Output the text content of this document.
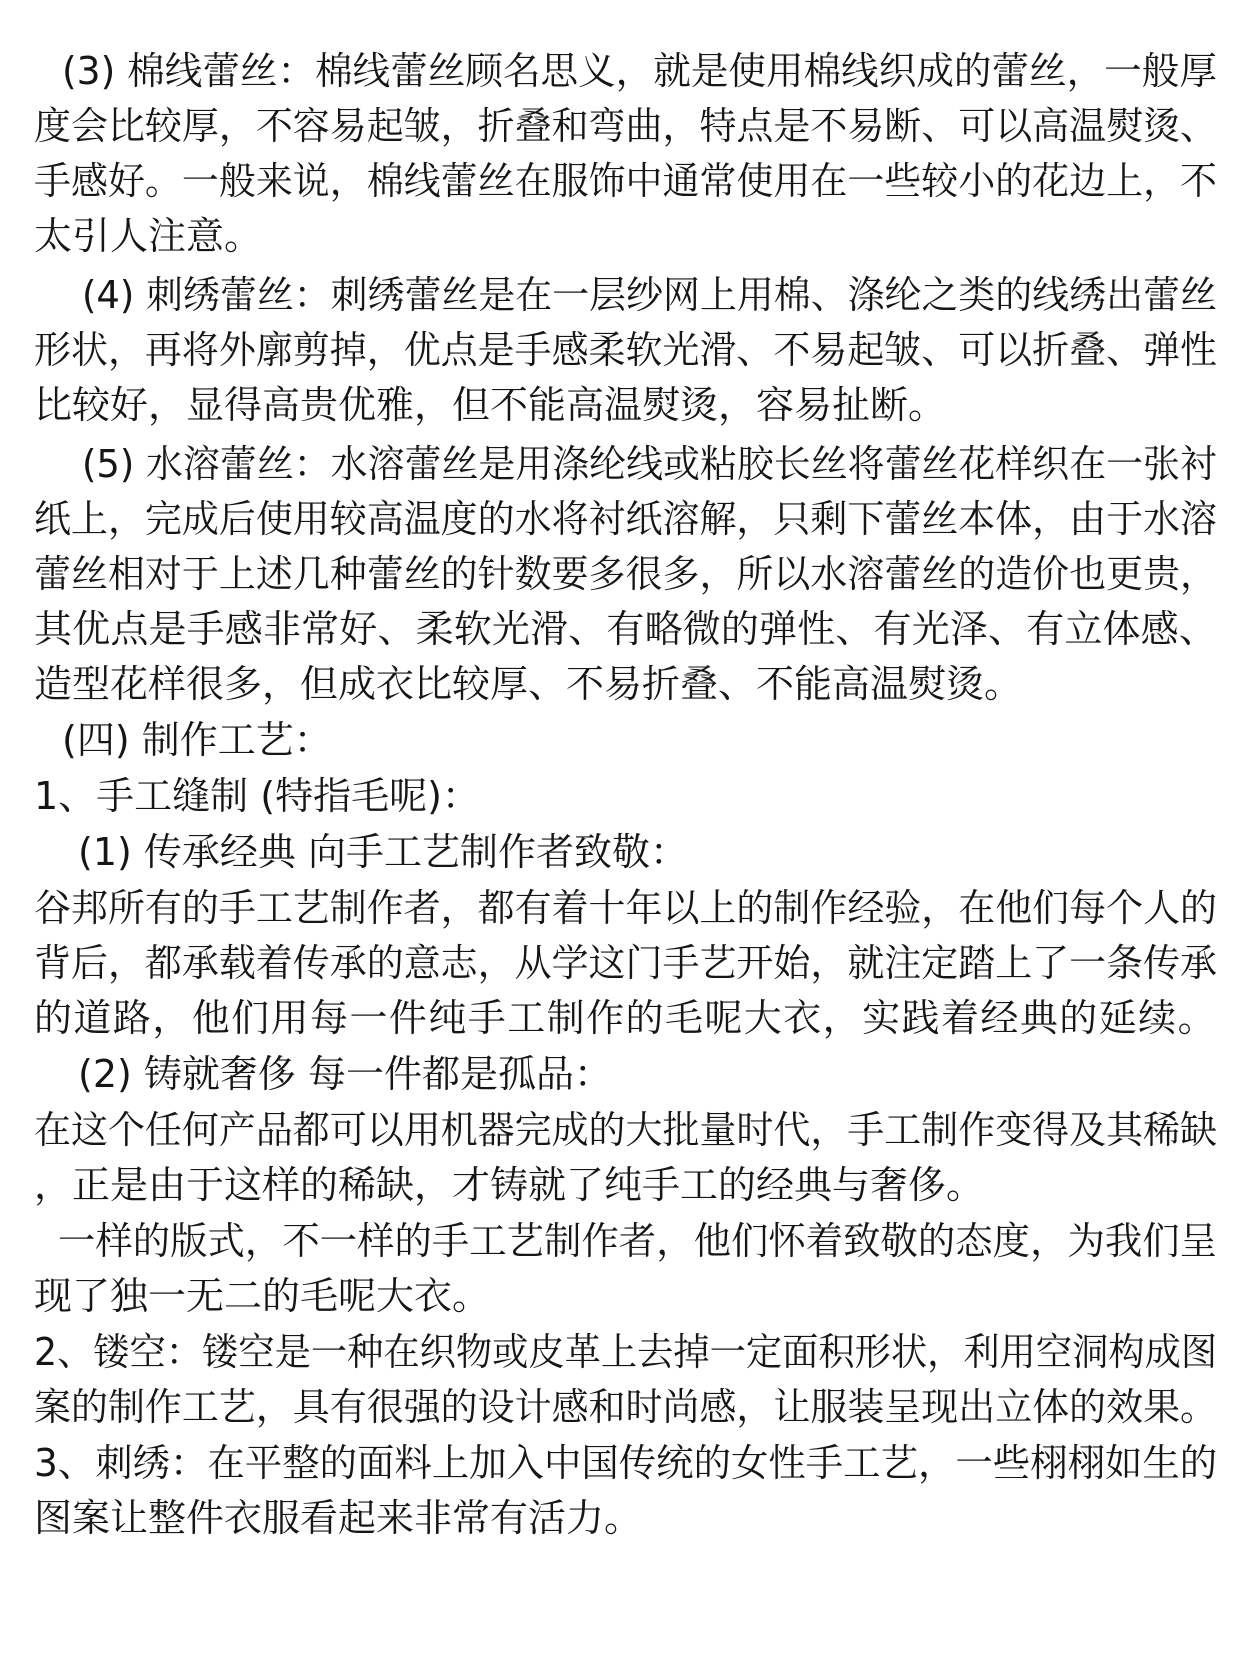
(3) 棉线蕾丝：棉线蕾丝顾名思义，就是使用棉线织成的蕾丝，一般厚
度会比较厚，不容易起皱，折叠和弯曲，特点是不易断、可以高温熨烫、
手感好。一般来说，棉线蕾丝在服饰中通常使用在一些较小的花边上，不
太引人注意。
(4) 刺绣蕾丝：刺绣蕾丝是在一层纱网上用棉、涤纶之类的线绣出蕾丝
形状，再将外廓剪掉，优点是手感柔软光滑、不易起皱、可以折叠、弹性
比较好，显得高贵优雅，但不能高温熨烫，容易扯断。
(5) 水溶蕾丝：水溶蕾丝是用涤纶线或粘胶长丝将蕾丝花样织在一张衬
纸上，完成后使用较高温度的水将衬纸溶解，只剩下蕾丝本体，由于水溶
蕾丝相对于上述几种蕾丝的针数要多很多，所以水溶蕾丝的造价也更贵，
其优点是手感非常好、柔软光滑、有略微的弹性、有光泽、有立体感、
造型花样很多，但成衣比较厚、不易折叠、不能高温熨烫。
(四) 制作工艺：
1、手工缝制 (特指毛呢)：
(1) 传承经典 向手工艺制作者致敬：
谷邦所有的手工艺制作者，都有着十年以上的制作经验，在他们每个人的
背后，都承载着传承的意志，从学这门手艺开始，就注定踏上了一条传承
的道路，他们用每一件纯手工制作的毛呢大衣，实践着经典的延续。
(2) 铸就奢侈 每一件都是孤品：
在这个任何产品都可以用机器完成的大批量时代，手工制作变得及其稀缺
，正是由于这样的稀缺，才铸就了纯手工的经典与奢侈。
一样的版式，不一样的手工艺制作者，他们怀着致敬的态度，为我们呈
现了独一无二的毛呢大衣。
2、镂空：镂空是一种在织物或皮革上去掉一定面积形状，利用空洞构成图
案的制作工艺，具有很强的设计感和时尚感，让服装呈现出立体的效果。
3、刺绣：在平整的面料上加入中国传统的女性手工艺，一些栩栩如生的
图案让整件衣服看起来非常有活力。
